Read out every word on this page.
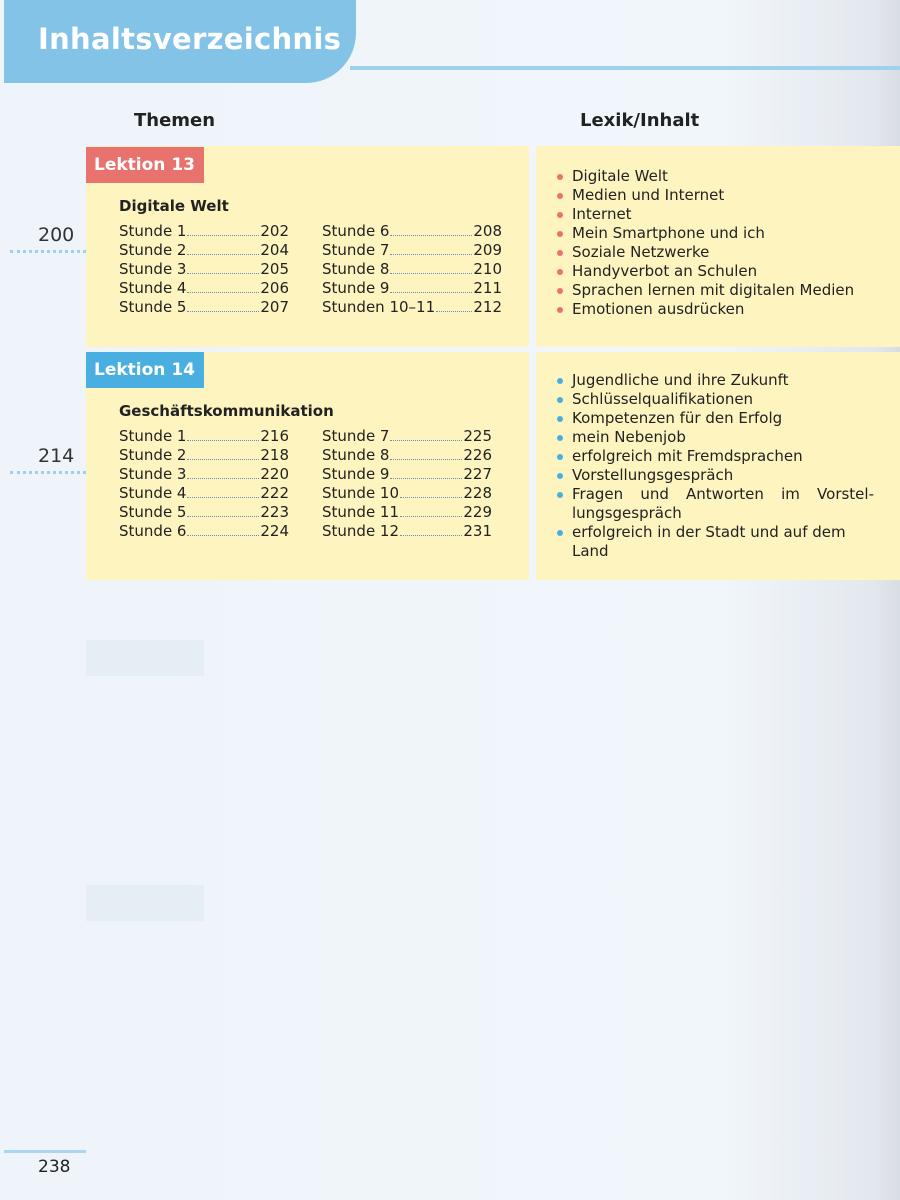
Inhaltsverzeichnis
Themen	Lexik/Inhalt
Lektion 13
Digitale Welt
Stunde 1	202
Stunde 2	204
Stunde 3	205
Stunde 4	206
Stunde 5	207
Stunde 6	208
Stunde 7	209
Stunde 8	210
Stunde 9	211
Stunden 10–11	212
200
Digitale Welt
Medien und Internet
Internet
Mein Smartphone und ich
Soziale Netzwerke
Handyverbot an Schulen
Sprachen lernen mit digitalen Medien
Emotionen ausdrücken
Lektion 14
Geschäftskommunikation
Stunde 1	216
Stunde 2	218
Stunde 3	220
Stunde 4	222
Stunde 5	223
Stunde 6	224
Stunde 7	225
Stunde 8	226
Stunde 9	227
Stunde 10	228
Stunde 11	229
Stunde 12	231
214
Jugendliche und ihre Zukunft
Schlüsselqualifikationen
Kompetenzen für den Erfolg
mein Nebenjob
erfolgreich mit Fremdsprachen
Vorstellungsgespräch
Fragen und Antworten im Vorstel- lungsgespräch
erfolgreich in der Stadt und auf dem Land
238
